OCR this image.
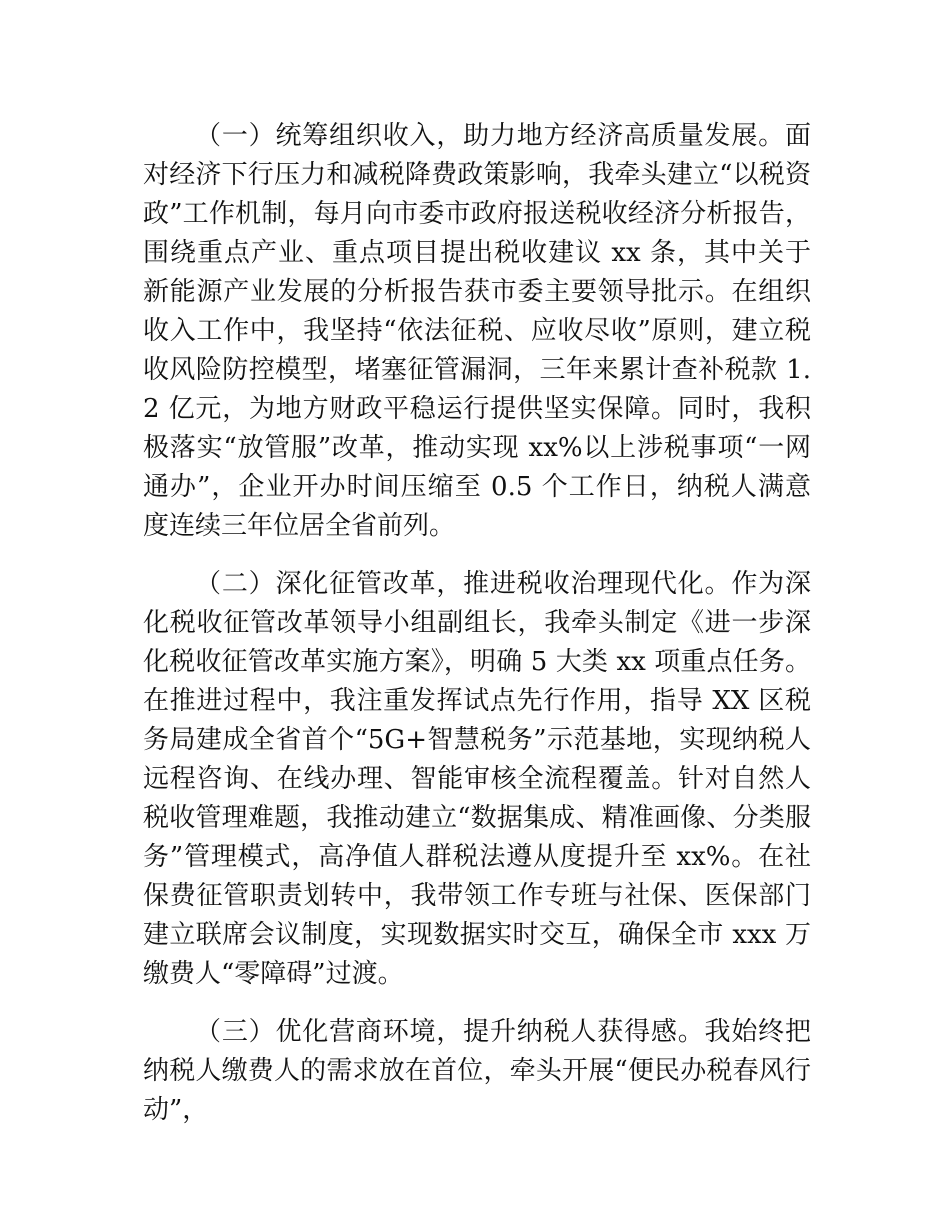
（一）统筹组织收入，助力地方经济高质量发展。面对经济下行压力和减税降费政策影响，我牵头建立“以税资政”工作机制，每月向市委市政府报送税收经济分析报告，围绕重点产业、重点项目提出税收建议 xx 条，其中关于新能源产业发展的分析报告获市委主要领导批示。在组织收入工作中，我坚持“依法征税、应收尽收”原则，建立税收风险防控模型，堵塞征管漏洞，三年来累计查补税款 1.2 亿元，为地方财政平稳运行提供坚实保障。同时，我积极落实“放管服”改革，推动实现 xx%以上涉税事项“一网通办”，企业开办时间压缩至 0.5 个工作日，纳税人满意度连续三年位居全省前列。

（二）深化征管改革，推进税收治理现代化。作为深化税收征管改革领导小组副组长，我牵头制定《进一步深化税收征管改革实施方案》，明确 5 大类 xx 项重点任务。在推进过程中，我注重发挥试点先行作用，指导 XX 区税务局建成全省首个“5G+智慧税务”示范基地，实现纳税人远程咨询、在线办理、智能审核全流程覆盖。针对自然人税收管理难题，我推动建立“数据集成、精准画像、分类服务”管理模式，高净值人群税法遵从度提升至 xx%。在社保费征管职责划转中，我带领工作专班与社保、医保部门建立联席会议制度，实现数据实时交互，确保全市 xxx 万缴费人“零障碍”过渡。

（三）优化营商环境，提升纳税人获得感。我始终把纳税人缴费人的需求放在首位，牵头开展“便民办税春风行动”，
